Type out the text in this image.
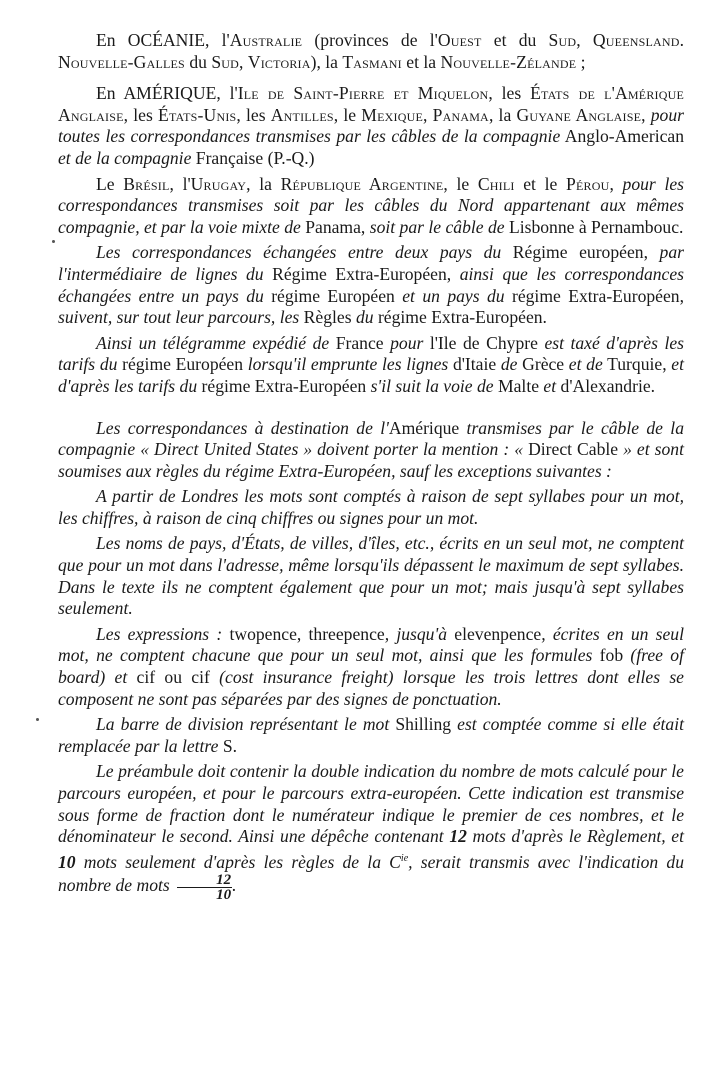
En OCÉANIE, l'Australie (provinces de l'Ouest et du Sud, Queensland. Nouvelle-Galles du Sud, Victoria), la Tasmani et la Nouvelle-Zélande ;

En AMÉRIQUE, l'Ile de Saint-Pierre et Miquelon, les États de l'Amérique Anglaise, les États-Unis, les Antilles, le Mexique, Panama, la Guyane Anglaise, pour toutes les correspondances transmises par les câbles de la compagnie Anglo-American et de la compagnie Française (P.-Q.)

Le Brésil, l'Urugay, la République Argentine, le Chili et le Pérou, pour les correspondances transmises soit par les câbles du Nord appartenant aux mêmes compagnie, et par la voie mixte de Panama, soit par le câble de Lisbonne à Pernambouc.

Les correspondances échangées entre deux pays du Régime européen, par l'intermédiaire de lignes du Régime Extra-Européen, ainsi que les correspondances échangées entre un pays du régime Européen et un pays du régime Extra-Européen, suivent, sur tout leur parcours, les Règles du régime Extra-Européen.

Ainsi un télégramme expédié de France pour l'Ile de Chypre est taxé d'après les tarifs du régime Européen lorsqu'il emprunte les lignes d'Itaie de Grèce et de Turquie, et d'après les tarifs du régime Extra-Européen s'il suit la voie de Malte et d'Alexandrie.

Les correspondances à destination de l'Amérique transmises par le câble de la compagnie « Direct United States » doivent porter la mention : « Direct Cable » et sont soumises aux règles du régime Extra-Européen, sauf les exceptions suivantes :

A partir de Londres les mots sont comptés à raison de sept syllabes pour un mot, les chiffres, à raison de cinq chiffres ou signes pour un mot.

Les noms de pays, d'États, de villes, d'îles, etc., écrits en un seul mot, ne comptent que pour un mot dans l'adresse, même lorsqu'ils dépassent le maximum de sept syllabes. Dans le texte ils ne comptent également que pour un mot; mais jusqu'à sept syllabes seulement.

Les expressions : twopence, threepence, jusqu'à elevenpence, écrites en un seul mot, ne comptent chacune que pour un seul mot, ainsi que les formules fob (free of board) et cif ou cif (cost insurance freight) lorsque les trois lettres dont elles se composent ne sont pas séparées par des signes de ponctuation.

La barre de division représentant le mot Shilling est comptée comme si elle était remplacée par la lettre S.

Le préambule doit contenir la double indication du nombre de mots calculé pour le parcours européen, et pour le parcours extra-européen. Cette indication est transmise sous forme de fraction dont le numérateur indique le premier de ces nombres, et le dénominateur le second. Ainsi une dépêche contenant 12 mots d'après le Règlement, et 10 mots seulement d'après les règles de la $C^{ie}$, serait transmis avec l'indication du nombre de mots $\frac{12}{10}$ .
